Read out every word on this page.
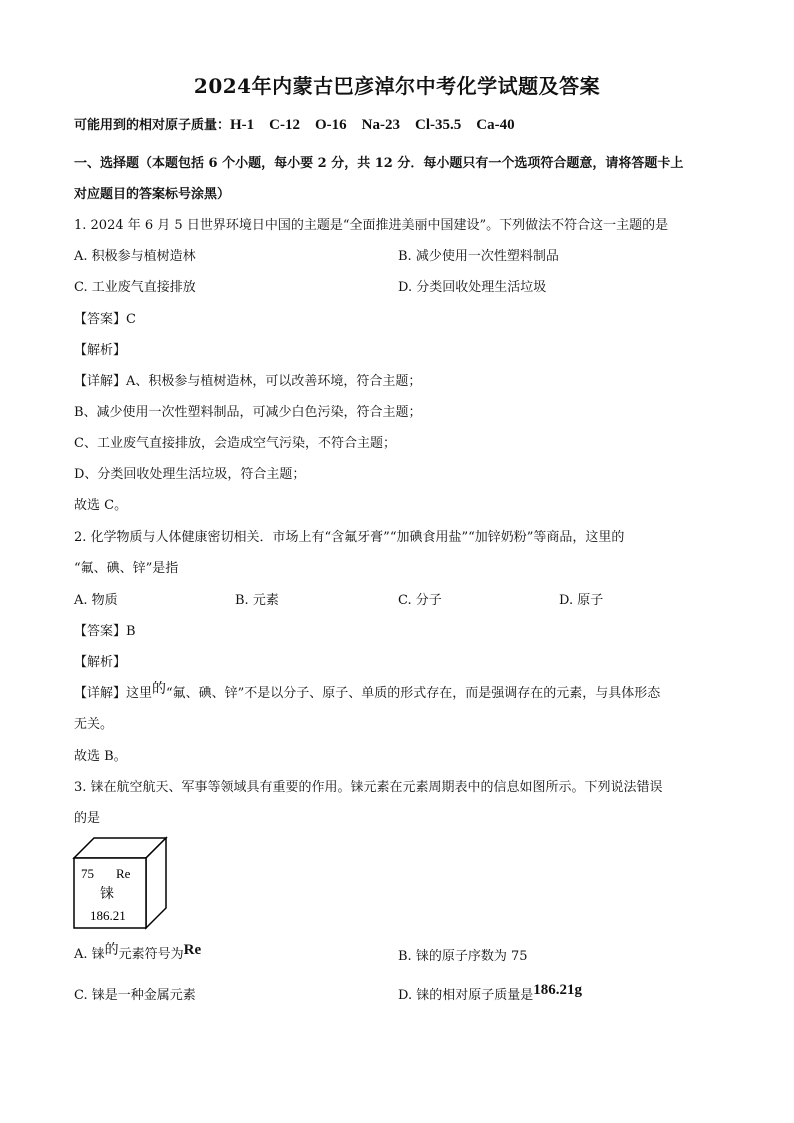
2024年内蒙古巴彦淖尔中考化学试题及答案
可能用到的相对原子质量：H-1　C-12　O-16　Na-23　Cl-35.5　Ca-40
一、选择题（本题包括 6 个小题，每小要 2 分，共 12 分．每小题只有一个选项符合题意，请将答题卡上
对应题目的答案标号涂黑）
1. 2024 年 6 月 5 日世界环境日中国的主题是“全面推进美丽中国建设”。下列做法不符合这一主题的是
A. 积极参与植树造林	B. 减少使用一次性塑料制品
C. 工业废气直接排放	D. 分类回收处理生活垃圾
【答案】C
【解析】
【详解】A、积极参与植树造林，可以改善环境，符合主题；
B、减少使用一次性塑料制品，可减少白色污染，符合主题；
C、工业废气直接排放，会造成空气污染，不符合主题；
D、分类回收处理生活垃圾，符合主题；
故选 C。
2. 化学物质与人体健康密切相关．市场上有“含氟牙膏”“加碘食用盐”“加锌奶粉”等商品，这里的
“氟、碘、锌”是指
A. 物质	B. 元素	C. 分子	D. 原子
【答案】B
【解析】
【详解】这里的“氟、碘、锌”不是以分子、原子、单质的形式存在，而是强调存在的元素，与具体形态
无关。
故选 B。
3. 铼在航空航天、军事等领域具有重要的作用。铼元素在元素周期表中的信息如图所示。下列说法错误
的是
75 Re
铼
186.21
A. 铼的元素符号为Re	B. 铼的原子序数为 75
C. 铼是一种金属元素	D. 铼的相对原子质量是186.21g
